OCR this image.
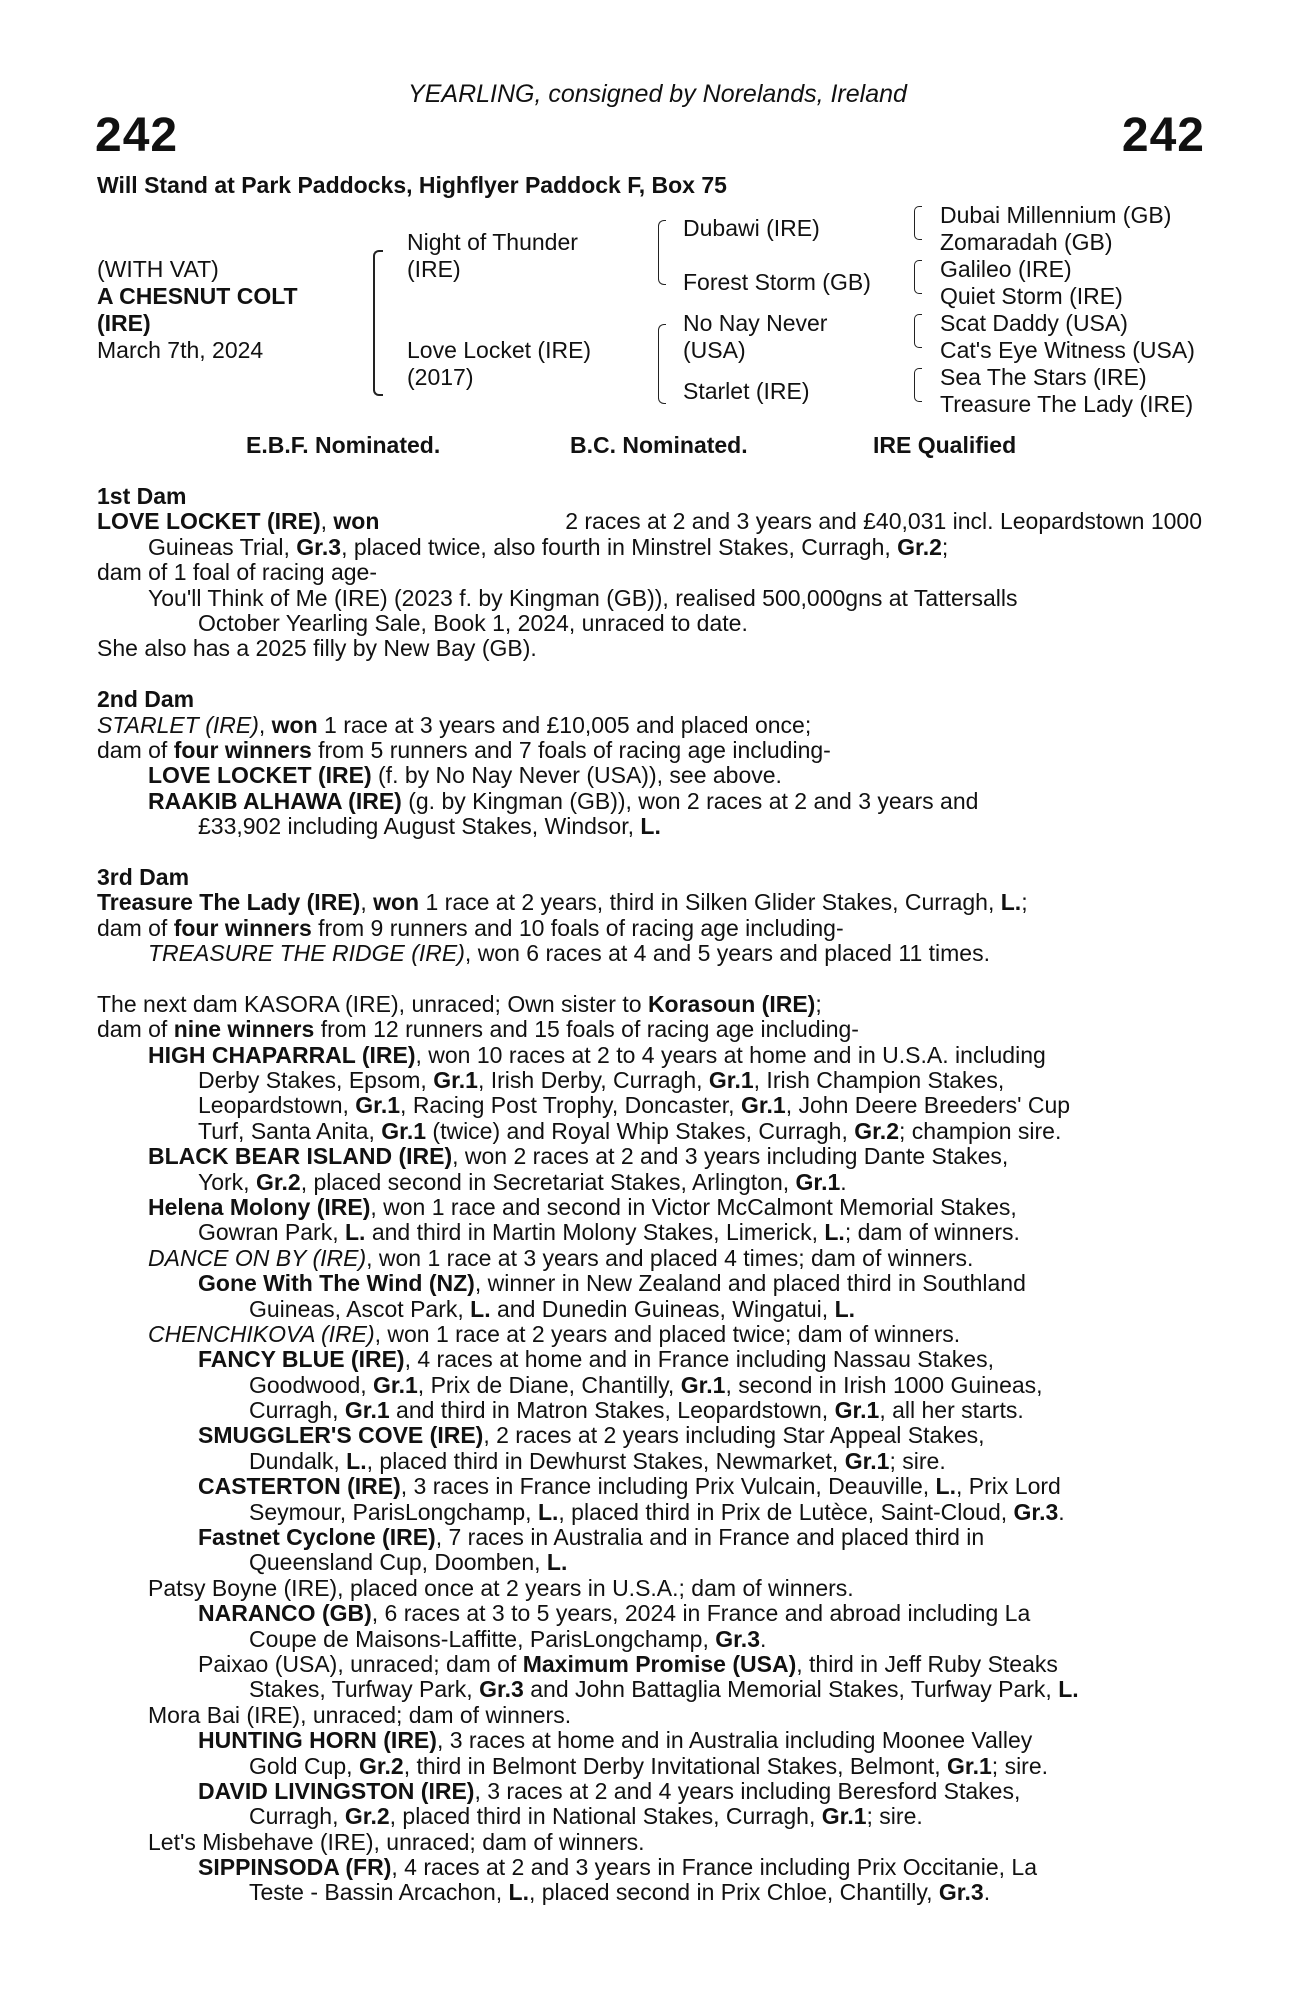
YEARLING, consigned by Norelands, Ireland
242	242
Will Stand at Park Paddocks, Highflyer Paddock F, Box 75
(WITH VAT)
A CHESNUT COLT
(IRE)
March 7th, 2024
Night of Thunder
(IRE)
Love Locket (IRE)
(2017)
Dubawi (IRE)
Forest Storm (GB)
No Nay Never
(USA)
Starlet (IRE)
Dubai Millennium (GB)
Zomaradah (GB)
Galileo (IRE)
Quiet Storm (IRE)
Scat Daddy (USA)
Cat's Eye Witness (USA)
Sea The Stars (IRE)
Treasure The Lady (IRE)
E.B.F. Nominated.	B.C. Nominated.	IRE Qualified
1st Dam
LOVE LOCKET (IRE), won	2 races at 2 and 3 years and £40,031 incl. Leopardstown 1000
Guineas Trial, Gr.3, placed twice, also fourth in Minstrel Stakes, Curragh, Gr.2;
dam of 1 foal of racing age-
You'll Think of Me (IRE) (2023 f. by Kingman (GB)), realised 500,000gns at Tattersalls
October Yearling Sale, Book 1, 2024, unraced to date.
She also has a 2025 filly by New Bay (GB).
2nd Dam
STARLET (IRE), won 1 race at 3 years and £10,005 and placed once;
dam of four winners from 5 runners and 7 foals of racing age including-
LOVE LOCKET (IRE) (f. by No Nay Never (USA)), see above.
RAAKIB ALHAWA (IRE) (g. by Kingman (GB)), won 2 races at 2 and 3 years and
£33,902 including August Stakes, Windsor, L.
3rd Dam
Treasure The Lady (IRE), won 1 race at 2 years, third in Silken Glider Stakes, Curragh, L.;
dam of four winners from 9 runners and 10 foals of racing age including-
TREASURE THE RIDGE (IRE), won 6 races at 4 and 5 years and placed 11 times.
The next dam KASORA (IRE), unraced; Own sister to Korasoun (IRE);
dam of nine winners from 12 runners and 15 foals of racing age including-
HIGH CHAPARRAL (IRE), won 10 races at 2 to 4 years at home and in U.S.A. including
Derby Stakes, Epsom, Gr.1, Irish Derby, Curragh, Gr.1, Irish Champion Stakes,
Leopardstown, Gr.1, Racing Post Trophy, Doncaster, Gr.1, John Deere Breeders' Cup
Turf, Santa Anita, Gr.1 (twice) and Royal Whip Stakes, Curragh, Gr.2; champion sire.
BLACK BEAR ISLAND (IRE), won 2 races at 2 and 3 years including Dante Stakes,
York, Gr.2, placed second in Secretariat Stakes, Arlington, Gr.1.
Helena Molony (IRE), won 1 race and second in Victor McCalmont Memorial Stakes,
Gowran Park, L. and third in Martin Molony Stakes, Limerick, L.; dam of winners.
DANCE ON BY (IRE), won 1 race at 3 years and placed 4 times; dam of winners.
Gone With The Wind (NZ), winner in New Zealand and placed third in Southland
Guineas, Ascot Park, L. and Dunedin Guineas, Wingatui, L.
CHENCHIKOVA (IRE), won 1 race at 2 years and placed twice; dam of winners.
FANCY BLUE (IRE), 4 races at home and in France including Nassau Stakes,
Goodwood, Gr.1, Prix de Diane, Chantilly, Gr.1, second in Irish 1000 Guineas,
Curragh, Gr.1 and third in Matron Stakes, Leopardstown, Gr.1, all her starts.
SMUGGLER'S COVE (IRE), 2 races at 2 years including Star Appeal Stakes,
Dundalk, L., placed third in Dewhurst Stakes, Newmarket, Gr.1; sire.
CASTERTON (IRE), 3 races in France including Prix Vulcain, Deauville, L., Prix Lord
Seymour, ParisLongchamp, L., placed third in Prix de Lutèce, Saint-Cloud, Gr.3.
Fastnet Cyclone (IRE), 7 races in Australia and in France and placed third in
Queensland Cup, Doomben, L.
Patsy Boyne (IRE), placed once at 2 years in U.S.A.; dam of winners.
NARANCO (GB), 6 races at 3 to 5 years, 2024 in France and abroad including La
Coupe de Maisons-Laffitte, ParisLongchamp, Gr.3.
Paixao (USA), unraced; dam of Maximum Promise (USA), third in Jeff Ruby Steaks
Stakes, Turfway Park, Gr.3 and John Battaglia Memorial Stakes, Turfway Park, L.
Mora Bai (IRE), unraced; dam of winners.
HUNTING HORN (IRE), 3 races at home and in Australia including Moonee Valley
Gold Cup, Gr.2, third in Belmont Derby Invitational Stakes, Belmont, Gr.1; sire.
DAVID LIVINGSTON (IRE), 3 races at 2 and 4 years including Beresford Stakes,
Curragh, Gr.2, placed third in National Stakes, Curragh, Gr.1; sire.
Let's Misbehave (IRE), unraced; dam of winners.
SIPPINSODA (FR), 4 races at 2 and 3 years in France including Prix Occitanie, La
Teste - Bassin Arcachon, L., placed second in Prix Chloe, Chantilly, Gr.3.
